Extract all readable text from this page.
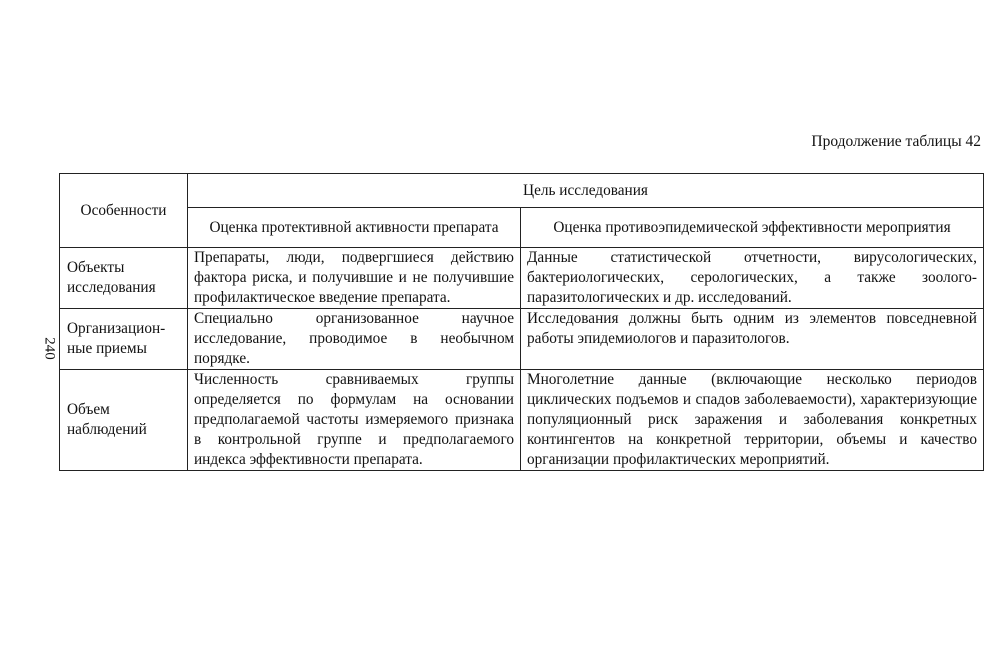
Продолжение таблицы 42
240
Особенности	Цель исследования	
	Оценка протективной активности препарата	Оценка противоэпидемической эффективности мероприятия
Объекты исследования	Препараты, люди, подвергшиеся действию фактора риска, и получившие и не получившие профилактическое введение препарата.	Данные статистической отчетности, вирусологических, бактериологических, серологических, а также зоолого-паразитологических и др. исследований.
Организацион-ные приемы	Специально организованное научное исследование, проводимое в необычном порядке.	Исследования должны быть одним из элементов повседневной работы эпидемиологов и паразитологов.
Объем наблюдений	Численность сравниваемых группы определяется по формулам на основании предполагаемой частоты измеряемого признака в контрольной группе и предполагаемого индекса эффективности препарата.	Многолетние данные (включающие несколько периодов циклических подъемов и спадов заболеваемости), характеризующие популяционный риск заражения и заболевания конкретных контингентов на конкретной территории, объемы и качество организации профилактических мероприятий.
